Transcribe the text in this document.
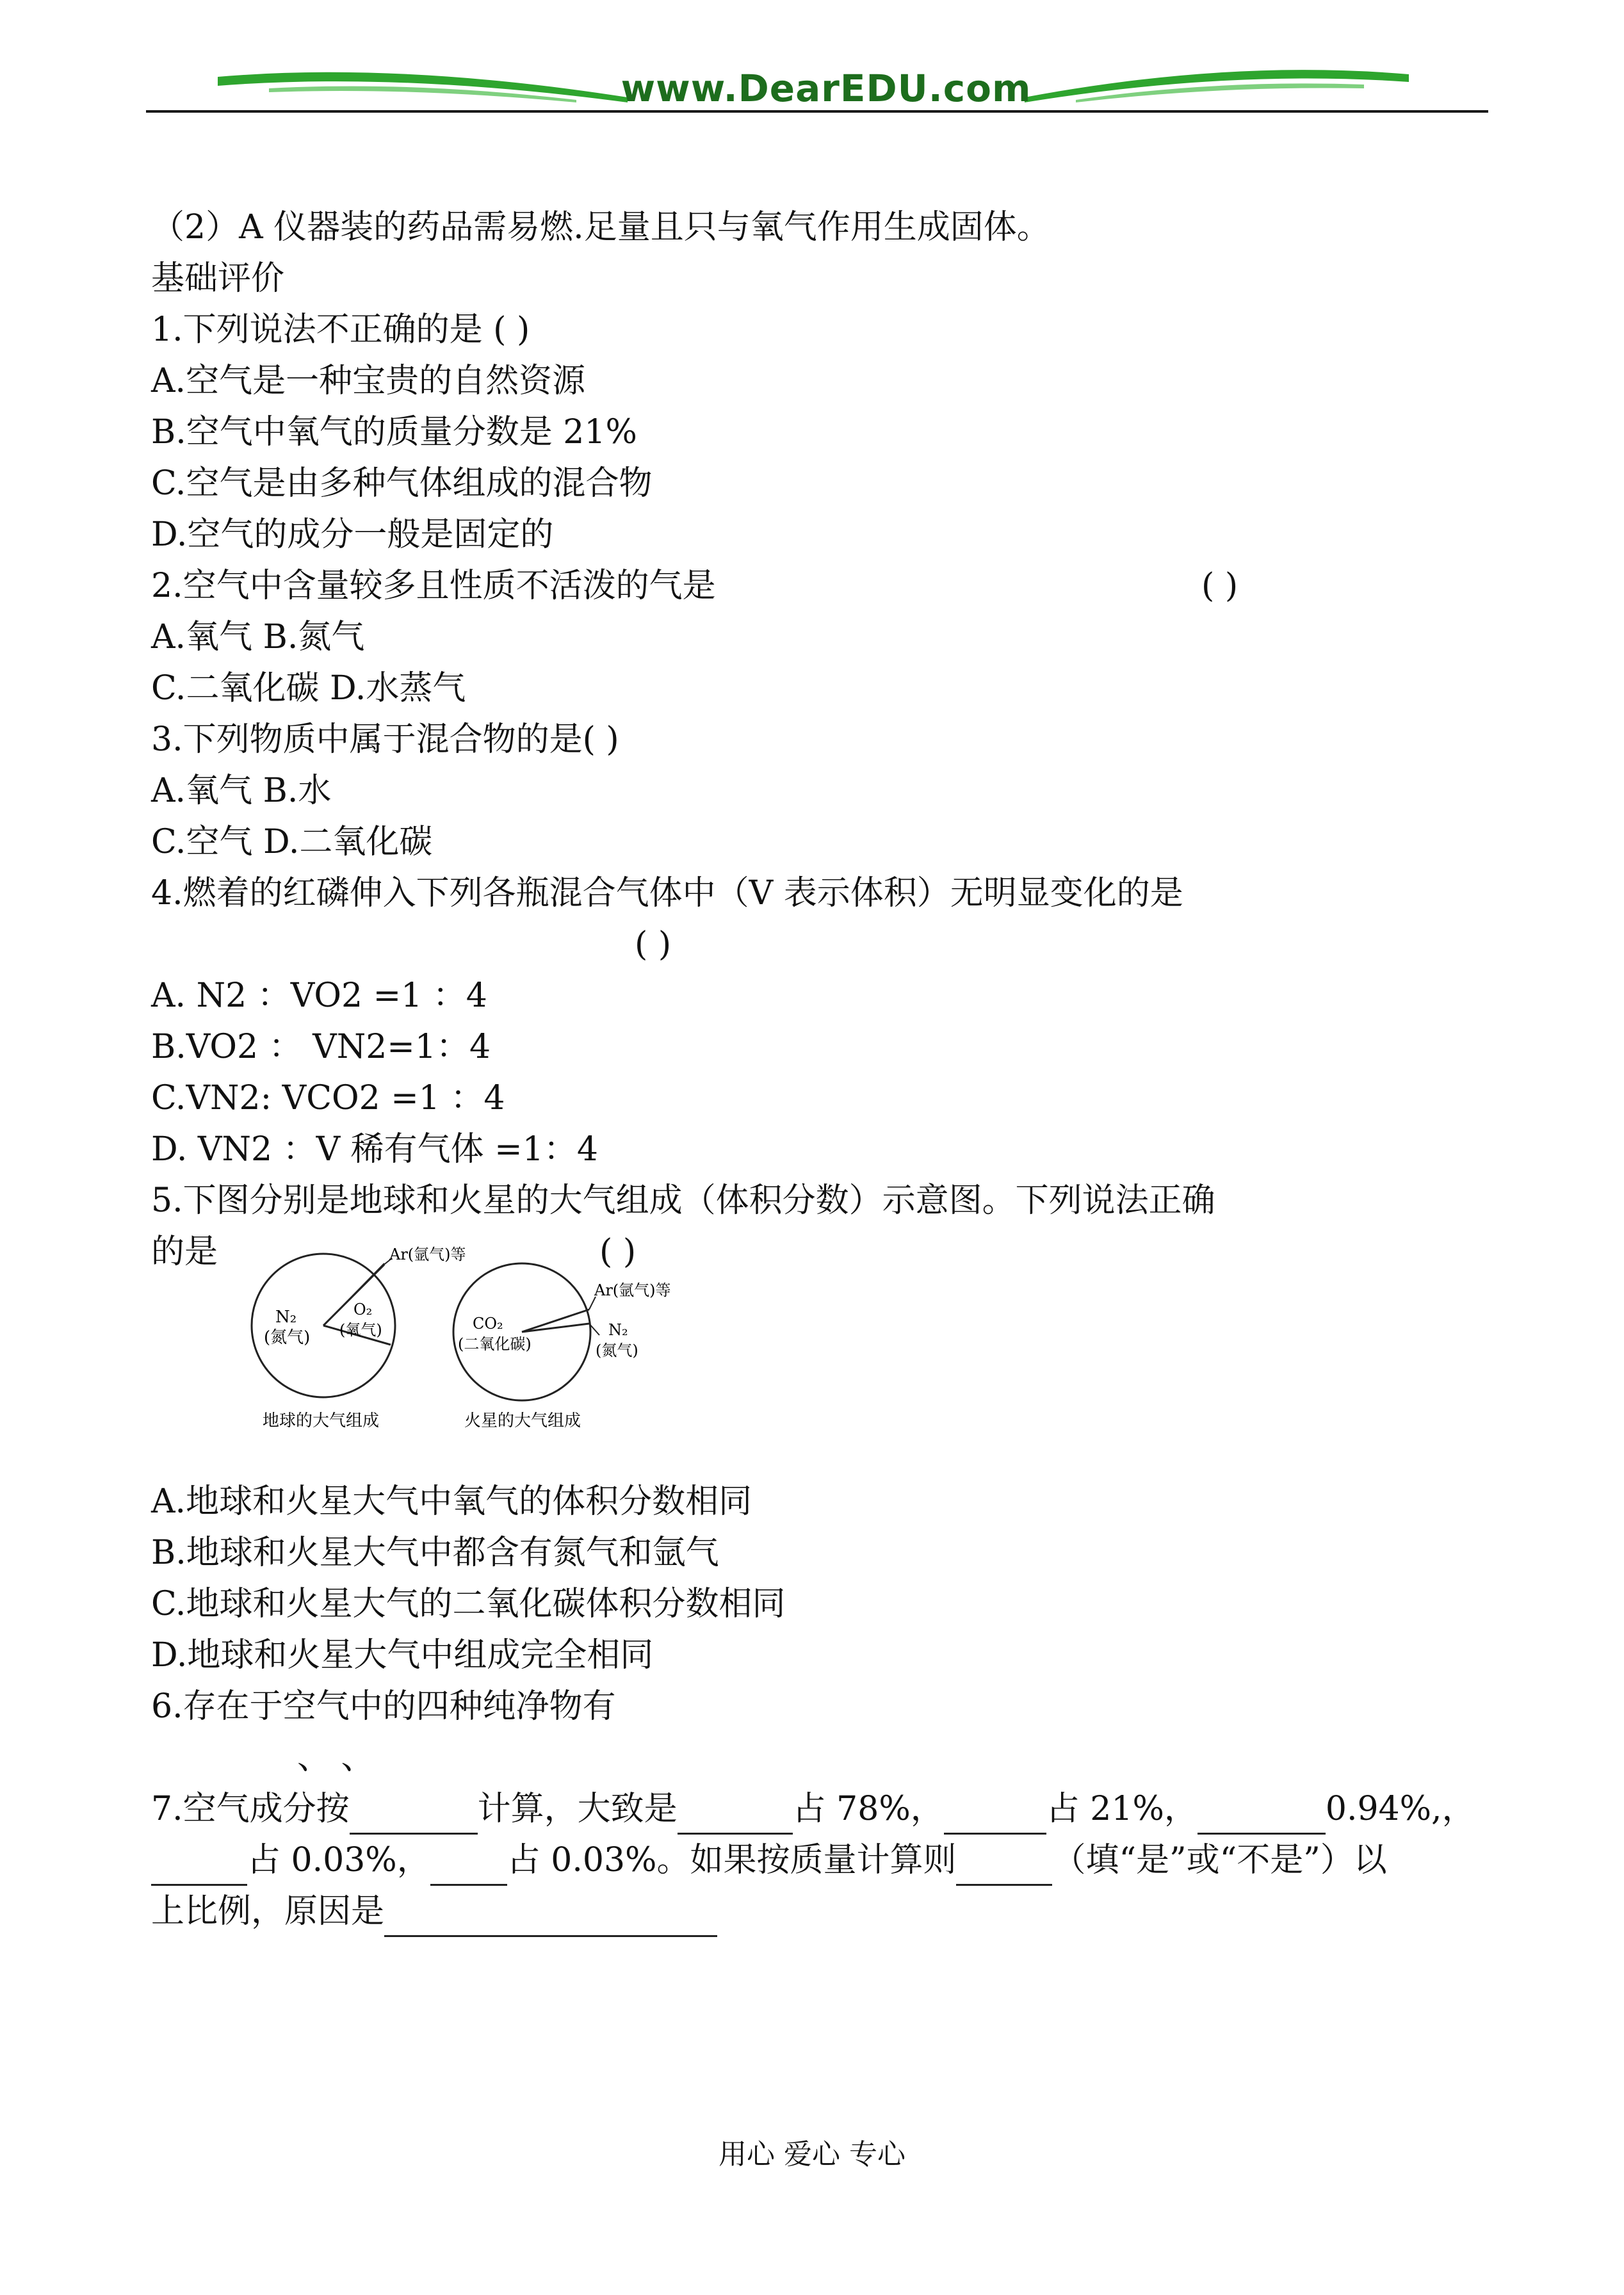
www.DearEDU.com
（2）A 仪器装的药品需易燃.足量且只与氧气作用生成固体。
基础评价
1.下列说法不正确的是 ( )
A.空气是一种宝贵的自然资源
B.空气中氧气的质量分数是 21%
C.空气是由多种气体组成的混合物
D.空气的成分一般是固定的
2.空气中含量较多且性质不活泼的气是	( )
A.氧气 B.氮气
C.二氧化碳 D.水蒸气
3.下列物质中属于混合物的是( )
A.氧气 B.水
C.空气 D.二氧化碳
4.燃着的红磷伸入下列各瓶混合气体中（V 表示体积）无明显变化的是
( )
A. N2 ：VO2 =1 ：4
B.VO2 ： VN2=1：4
C.VN2: VCO2 =1 ：4
D. VN2 ：V 稀有气体 =1：4
5.下图分别是地球和火星的大气组成（体积分数）示意图。下列说法正确
的是	( )
A.地球和火星大气中氧气的体积分数相同
B.地球和火星大气中都含有氮气和氩气
C.地球和火星大气的二氧化碳体积分数相同
D.地球和火星大气中组成完全相同
6.存在于空气中的四种纯净物有
、 、
7.空气成分按	计算，大致是	占 78%，	占 21%，	0.94%,，
占 0.03%， 占 0.03%。如果按质量计算则	（填“是”或“不是”）以
上比例，原因是
N₂
(氮气)
O₂
(氧气)
Ar(氩气)等
地球的大气组成
CO₂
(二氧化碳)
Ar(氩气)等
N₂
(氮气)
火星的大气组成
用心 爱心 专心
